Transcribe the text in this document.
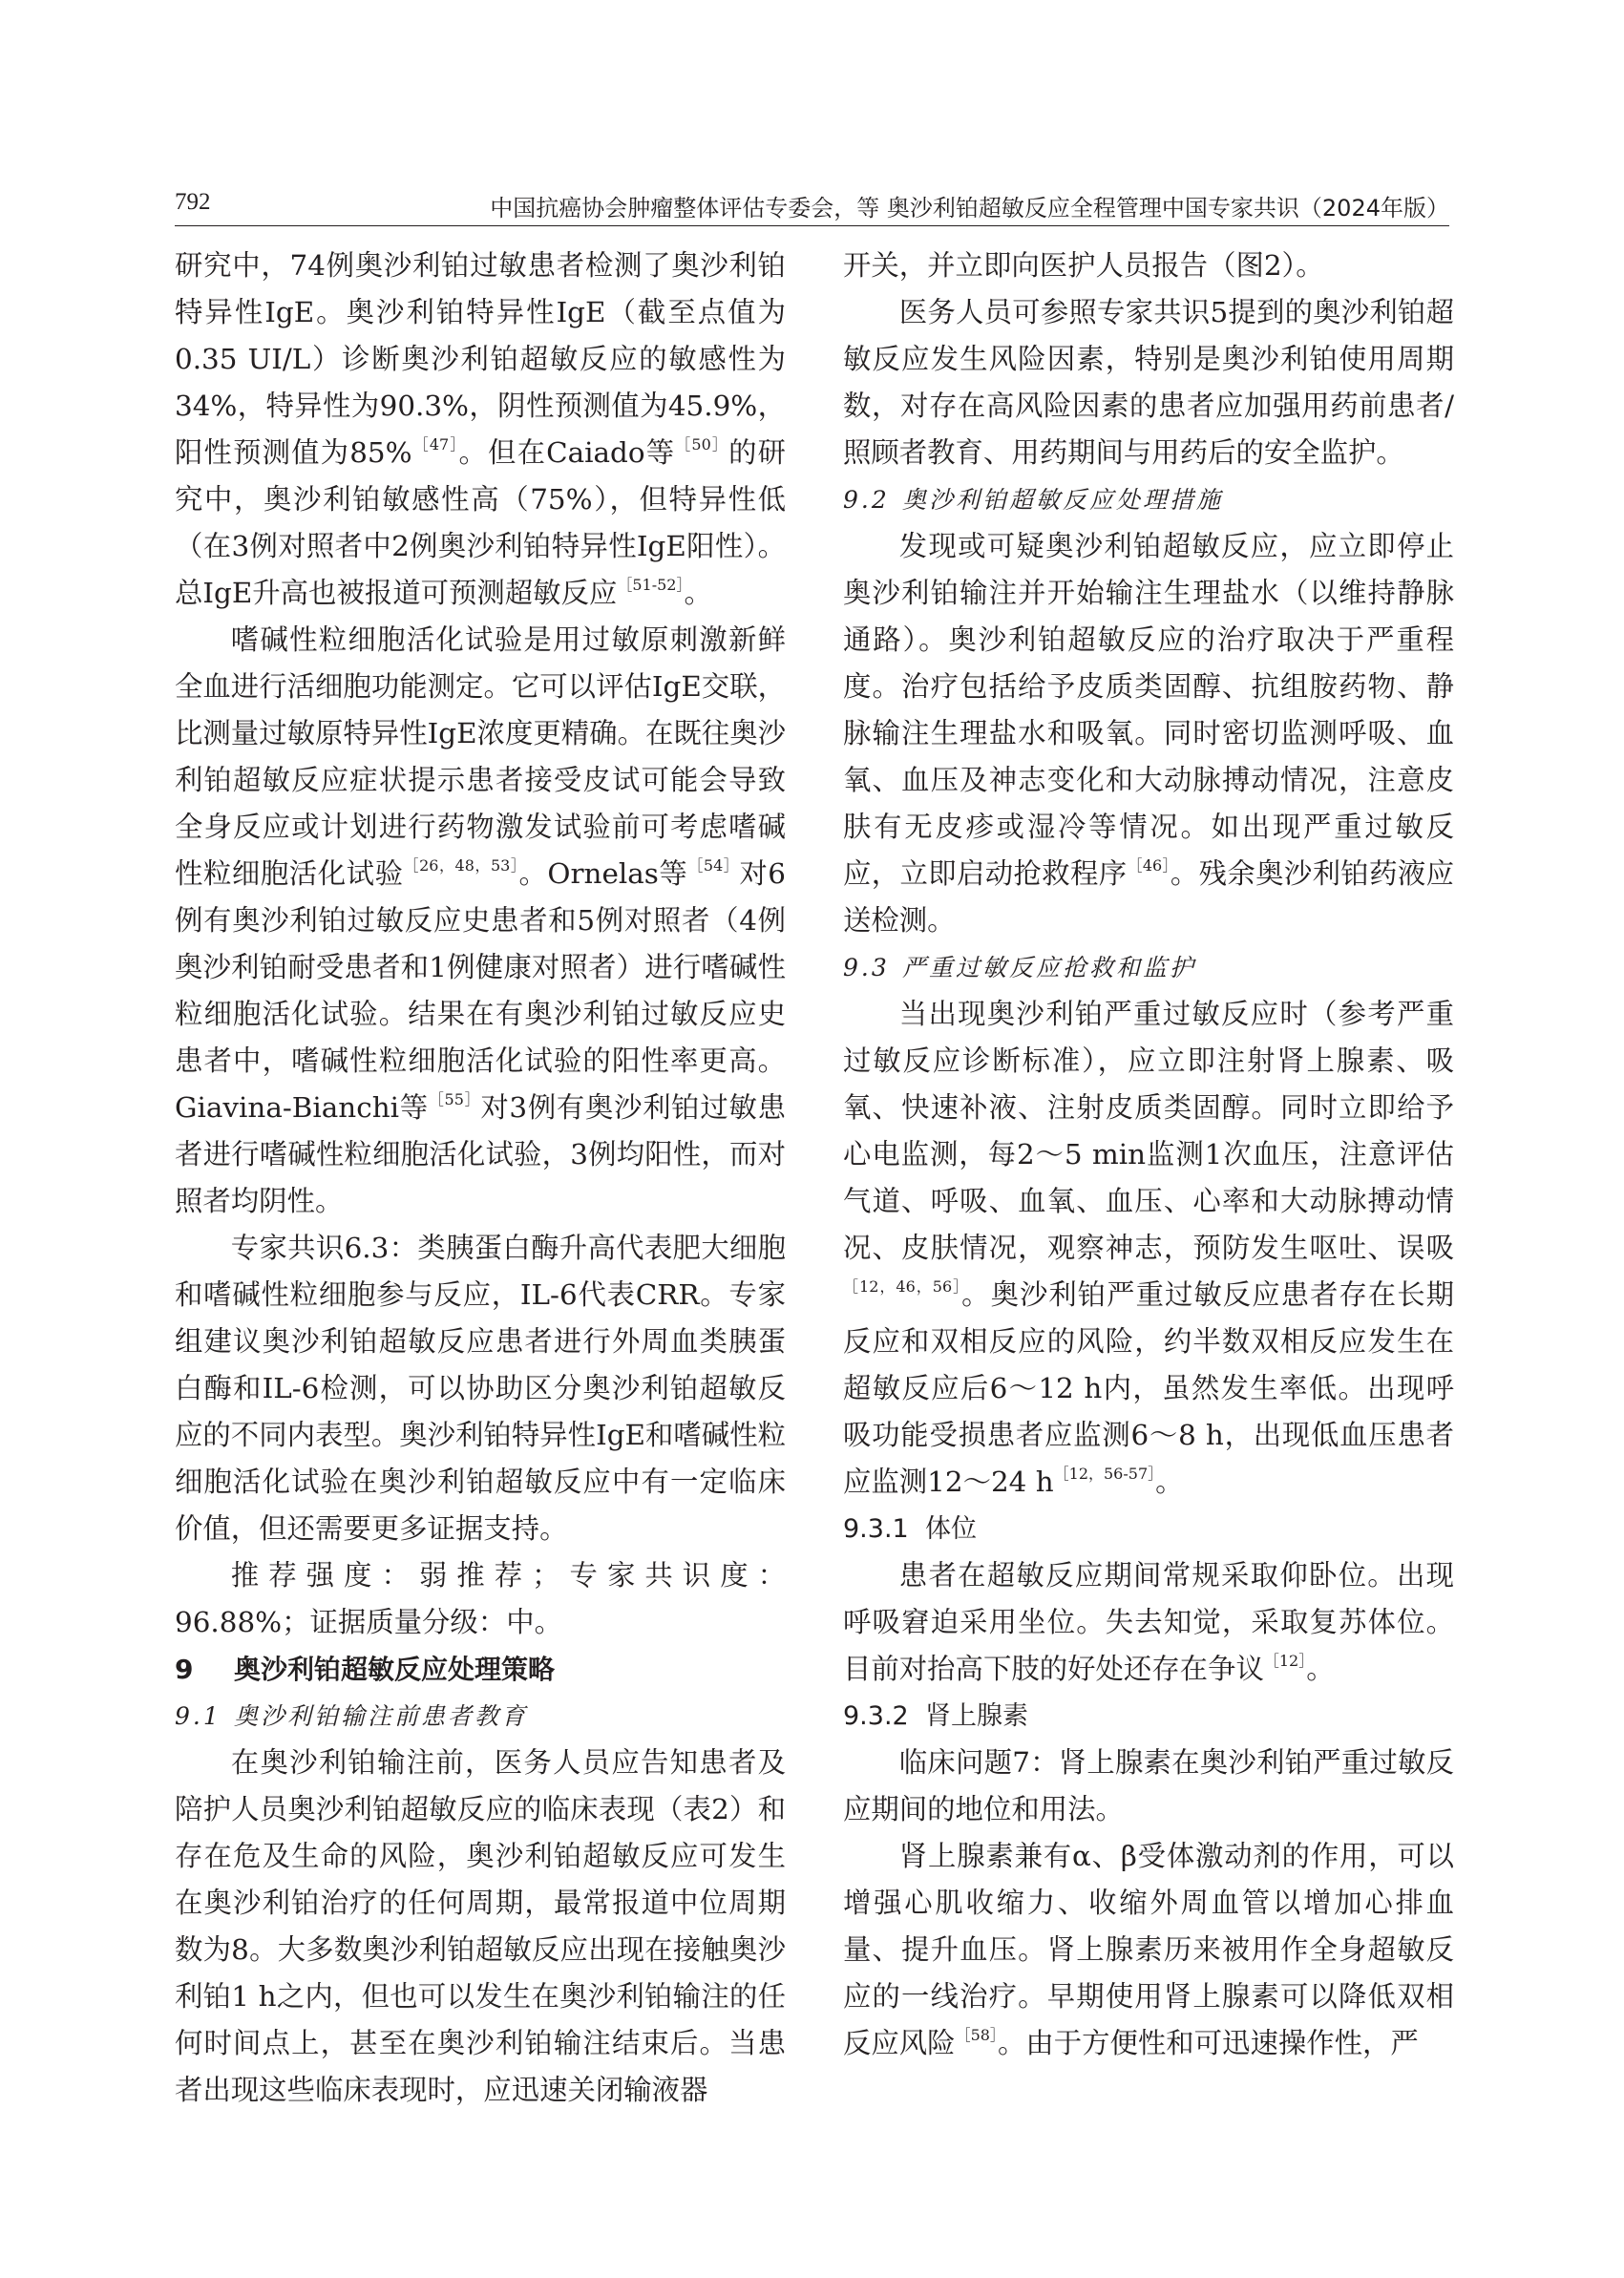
792	中国抗癌协会肿瘤整体评估专委会，等 奥沙利铂超敏反应全程管理中国专家共识（2024年版）

研究中，74例奥沙利铂过敏患者检测了奥沙利铂特异性IgE。奥沙利铂特异性IgE（截至点值为0.35 UI/L）诊断奥沙利铂超敏反应的敏感性为34%，特异性为90.3%，阴性预测值为45.9%，阳性预测值为85%$^{[47]}$。但在Caiado等$^{[50]}$的研究中，奥沙利铂敏感性高（75%），但特异性低（在3例对照者中2例奥沙利铂特异性IgE阳性）。总IgE升高也被报道可预测超敏反应$^{[51-52]}$。

嗜碱性粒细胞活化试验是用过敏原刺激新鲜全血进行活细胞功能测定。它可以评估IgE交联，比测量过敏原特异性IgE浓度更精确。在既往奥沙利铂超敏反应症状提示患者接受皮试可能会导致全身反应或计划进行药物激发试验前可考虑嗜碱性粒细胞活化试验$^{[26,48,53]}$。Ornelas等$^{[54]}$对6例有奥沙利铂过敏反应史患者和5例对照者（4例奥沙利铂耐受患者和1例健康对照者）进行嗜碱性粒细胞活化试验。结果在有奥沙利铂过敏反应史患者中，嗜碱性粒细胞活化试验的阳性率更高。Giavina-Bianchi等$^{[55]}$对3例有奥沙利铂过敏患者进行嗜碱性粒细胞活化试验，3例均阳性，而对照者均阴性。

专家共识6.3：类胰蛋白酶升高代表肥大细胞和嗜碱性粒细胞参与反应，IL-6代表CRR。专家组建议奥沙利铂超敏反应患者进行外周血类胰蛋白酶和IL-6检测，可以协助区分奥沙利铂超敏反应的不同内表型。奥沙利铂特异性IgE和嗜碱性粒细胞活化试验在奥沙利铂超敏反应中有一定临床价值，但还需要更多证据支持。

推荐强度：弱推荐；专家共识度：96.88%；证据质量分级：中。

9 奥沙利铂超敏反应处理策略
9.1 奥沙利铂输注前患者教育

在奥沙利铂输注前，医务人员应告知患者及陪护人员奥沙利铂超敏反应的临床表现（表2）和存在危及生命的风险，奥沙利铂超敏反应可发生在奥沙利铂治疗的任何周期，最常报道中位周期数为8。大多数奥沙利铂超敏反应出现在接触奥沙利铂1 h之内，但也可以发生在奥沙利铂输注的任何时间点上，甚至在奥沙利铂输注结束后。当患者出现这些临床表现时，应迅速关闭输液器

开关，并立即向医护人员报告（图2）。

医务人员可参照专家共识5提到的奥沙利铂超敏反应发生风险因素，特别是奥沙利铂使用周期数，对存在高风险因素的患者应加强用药前患者/照顾者教育、用药期间与用药后的安全监护。

9.2 奥沙利铂超敏反应处理措施

发现或可疑奥沙利铂超敏反应，应立即停止奥沙利铂输注并开始输注生理盐水（以维持静脉通路）。奥沙利铂超敏反应的治疗取决于严重程度。治疗包括给予皮质类固醇、抗组胺药物、静脉输注生理盐水和吸氧。同时密切监测呼吸、血氧、血压及神志变化和大动脉搏动情况，注意皮肤有无皮疹或湿冷等情况。如出现严重过敏反应，立即启动抢救程序$^{[46]}$。残余奥沙利铂药液应送检测。

9.3 严重过敏反应抢救和监护

当出现奥沙利铂严重过敏反应时（参考严重过敏反应诊断标准），应立即注射肾上腺素、吸氧、快速补液、注射皮质类固醇。同时立即给予心电监测，每2～5 min监测1次血压，注意评估气道、呼吸、血氧、血压、心率和大动脉搏动情况、皮肤情况，观察神志，预防发生呕吐、误吸$^{[12,46,56]}$。奥沙利铂严重过敏反应患者存在长期反应和双相反应的风险，约半数双相反应发生在超敏反应后6～12 h内，虽然发生率低。出现呼吸功能受损患者应监测6～8 h，出现低血压患者应监测12～24 h$^{[12,56-57]}$。

9.3.1 体位

患者在超敏反应期间常规采取仰卧位。出现呼吸窘迫采用坐位。失去知觉，采取复苏体位。目前对抬高下肢的好处还存在争议$^{[12]}$。

9.3.2 肾上腺素

临床问题7：肾上腺素在奥沙利铂严重过敏反应期间的地位和用法。

肾上腺素兼有α、β受体激动剂的作用，可以增强心肌收缩力、收缩外周血管以增加心排血量、提升血压。肾上腺素历来被用作全身超敏反应的一线治疗。早期使用肾上腺素可以降低双相反应风险$^{[58]}$。由于方便性和可迅速操作性，严
